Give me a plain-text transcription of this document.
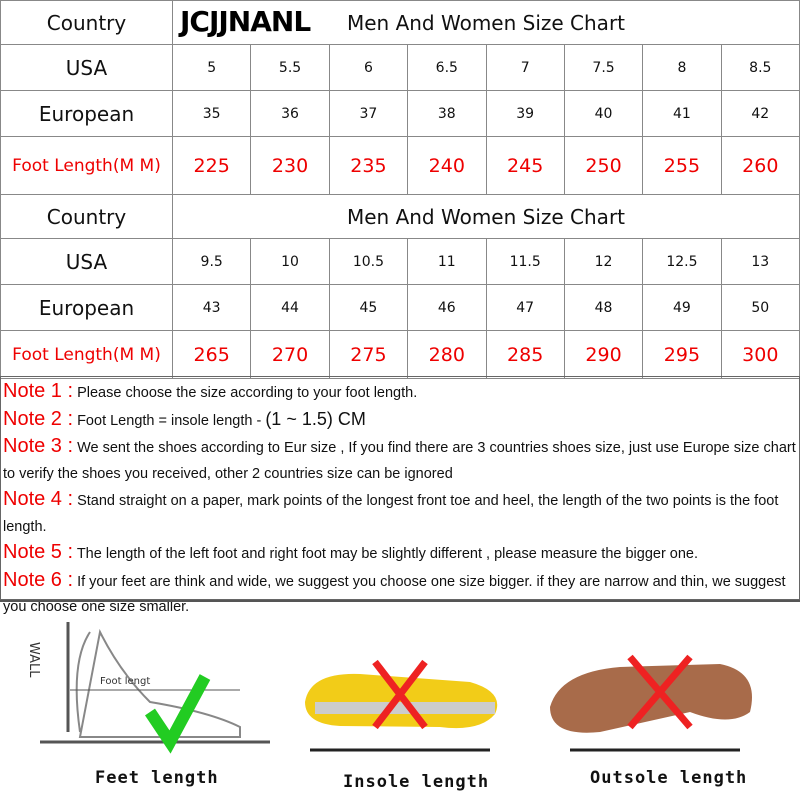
Country	Men And Women Size Chart							
USA	5	5.5	6	6.5	7	7.5	8	8.5
European	35	36	37	38	39	40	41	42
Foot Length(M M)	225	230	235	240	245	250	255	260
Country	Men And Women Size Chart							
USA	9.5	10	10.5	11	11.5	12	12.5	13
European	43	44	45	46	47	48	49	50
Foot Length(M M)	265	270	275	280	285	290	295	300
JCJJNANL
Note 1 : Please choose the size according to your foot length.
Note 2 : Foot Length = insole length - (1 ~ 1.5) CM
Note 3 : We sent the shoes according to Eur size , If you find there are 3 countries shoes size, just use Europe size chart to verify the shoes you received, other 2 countries size can be ignored
Note 4 : Stand straight on a paper, mark points of the longest front toe and heel, the length of the two points is the foot length.
Note 5 : The length of the left foot and right foot may be slightly different , please measure the bigger one.
Note 6 : If your feet are think and wide, we suggest you choose one size bigger. if they are narrow and thin, we suggest you choose one size smaller.
WALL
Foot lengt
Feet length	Insole length	Outsole length
